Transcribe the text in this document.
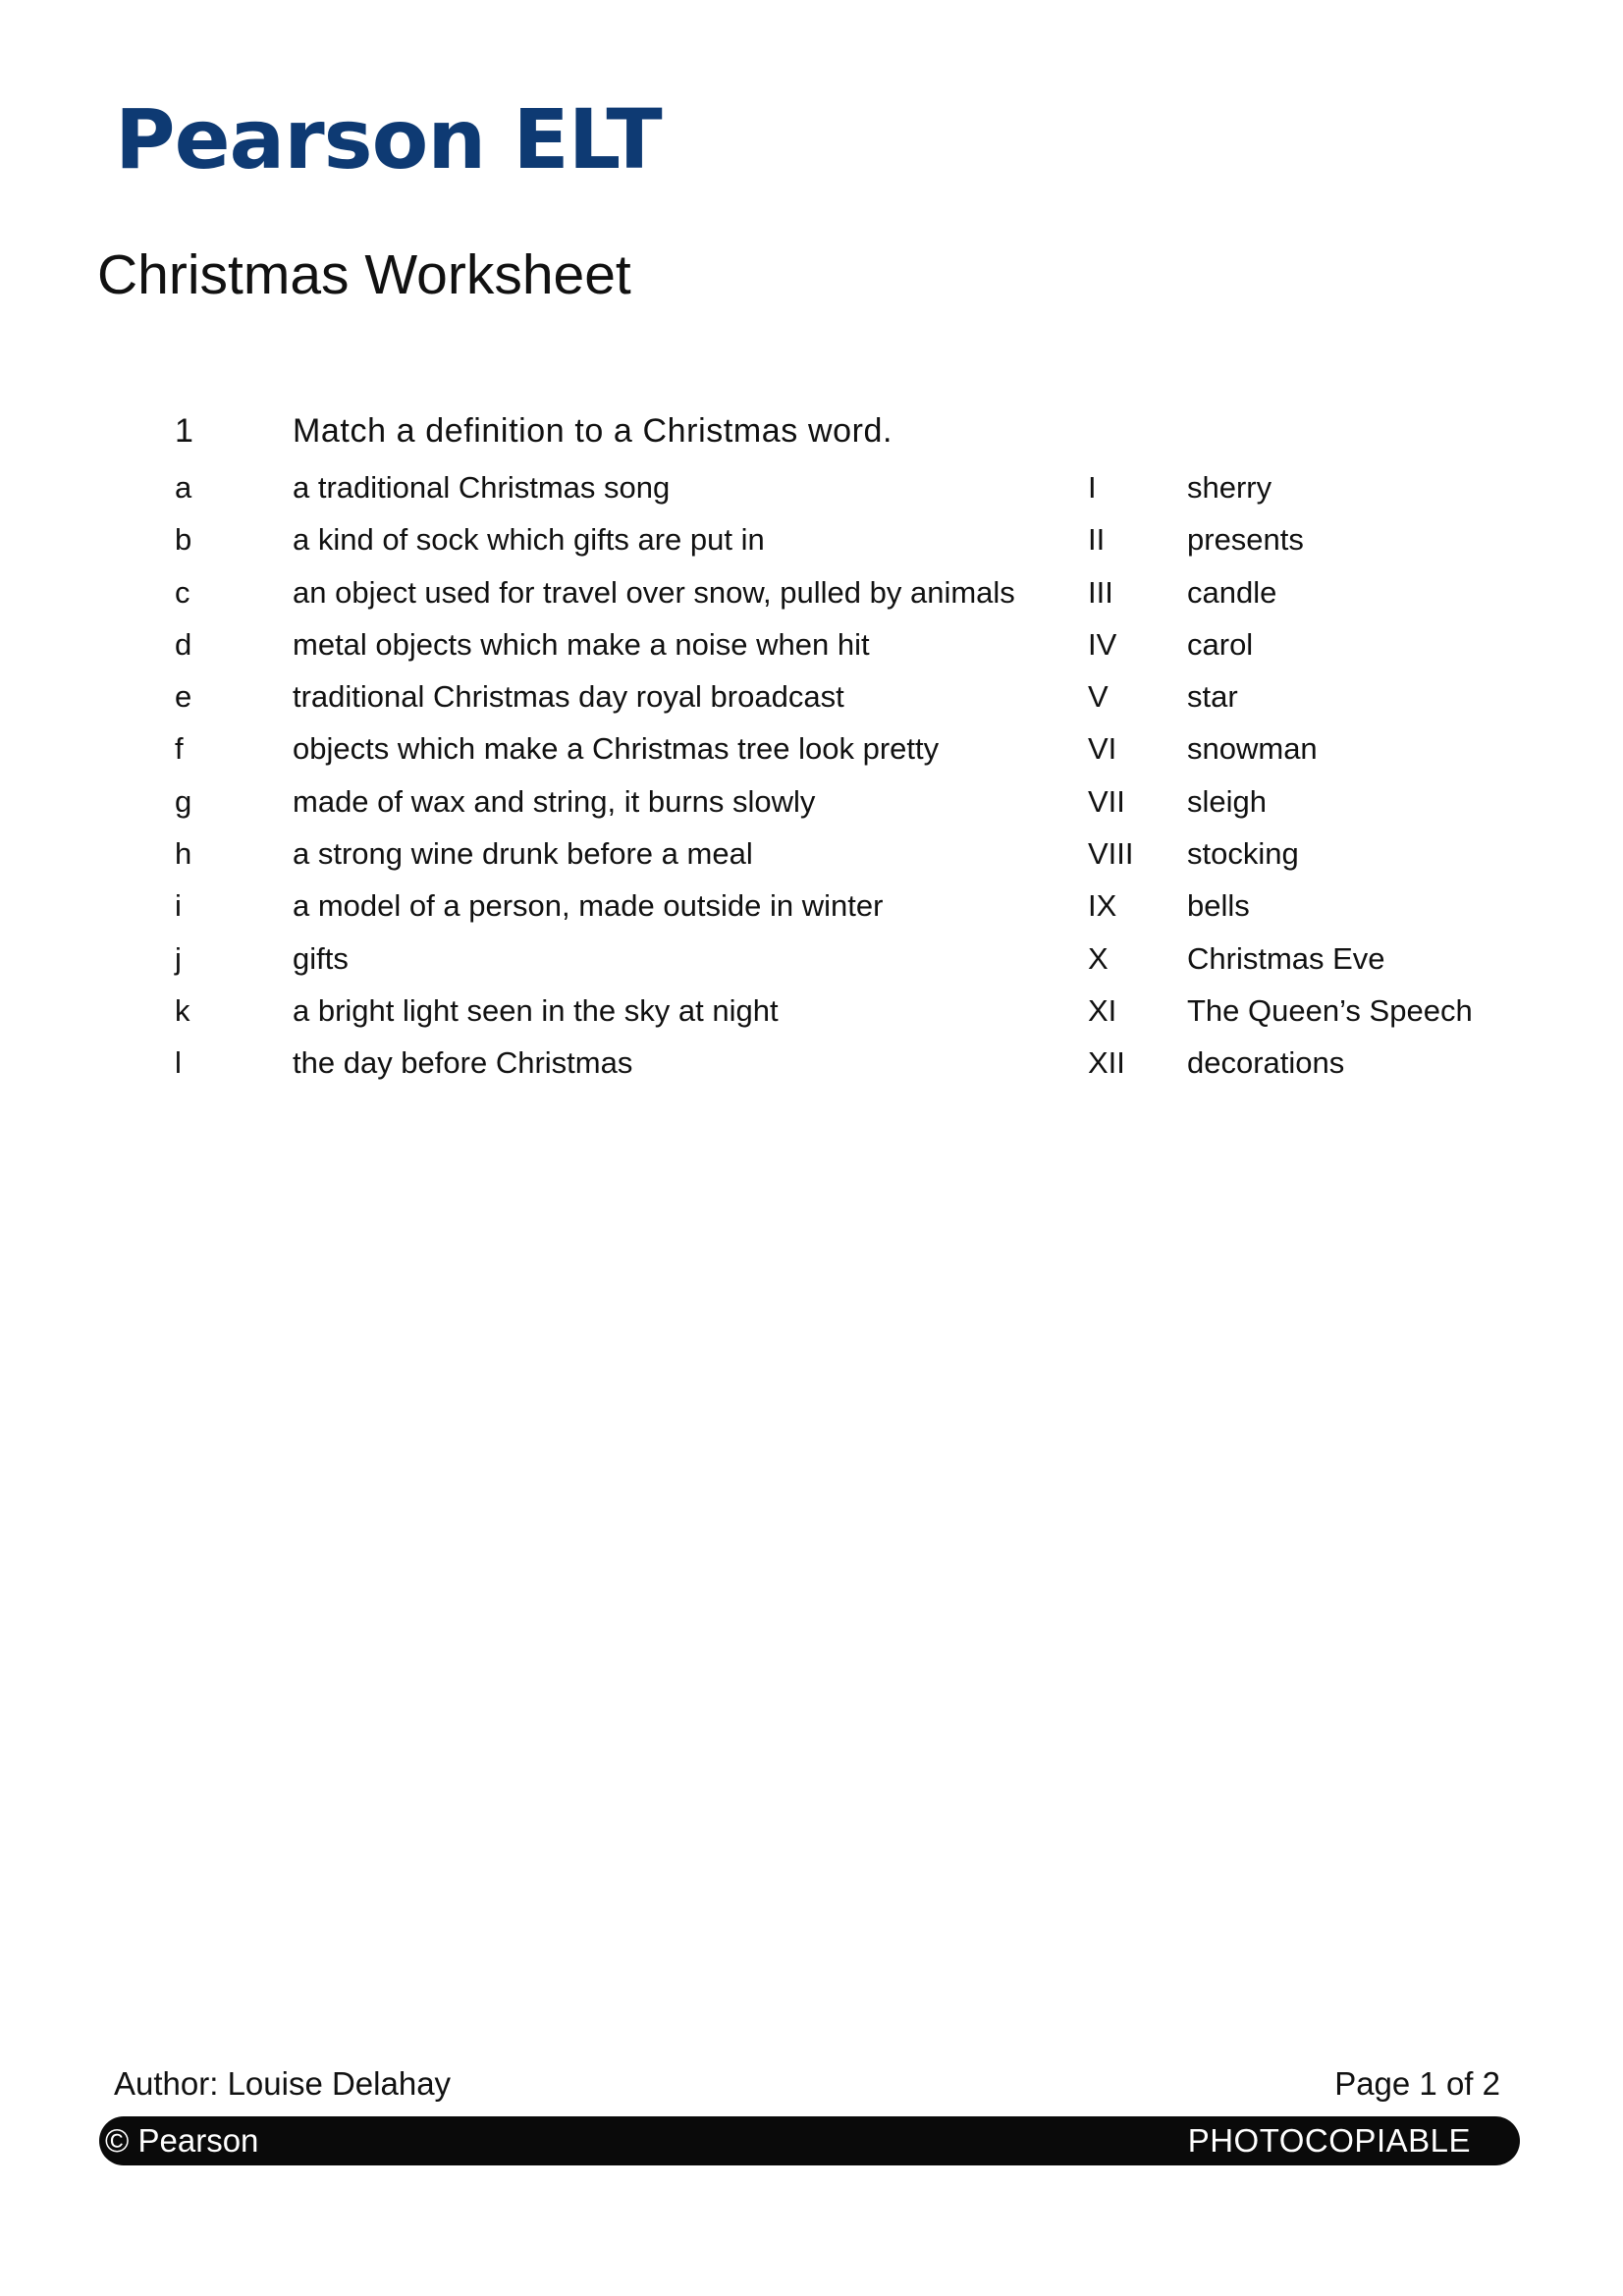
Pearson ELT
Christmas Worksheet
1	Match a definition to a Christmas word.
a	a traditional Christmas song	I	sherry
b	a kind of sock which gifts are put in	II	presents
c	an object used for travel over snow, pulled by animals III candle
d	metal objects which make a noise when hit	IV carol
e	traditional Christmas day royal broadcast	V	star
f	objects which make a Christmas tree look pretty	VI snowman
g	made of wax and string, it burns slowly	VII sleigh
h	a strong wine drunk before a meal	VIII stocking
i	a model of a person, made outside in winter	IX bells
j	gifts	X	Christmas Eve
k	a bright light seen in the sky at night	XI The Queen’s Speech
l	the day before Christmas	XII decorations
Author: Louise Delahay	Page 1 of 2
© Pearson	PHOTOCOPIABLE
